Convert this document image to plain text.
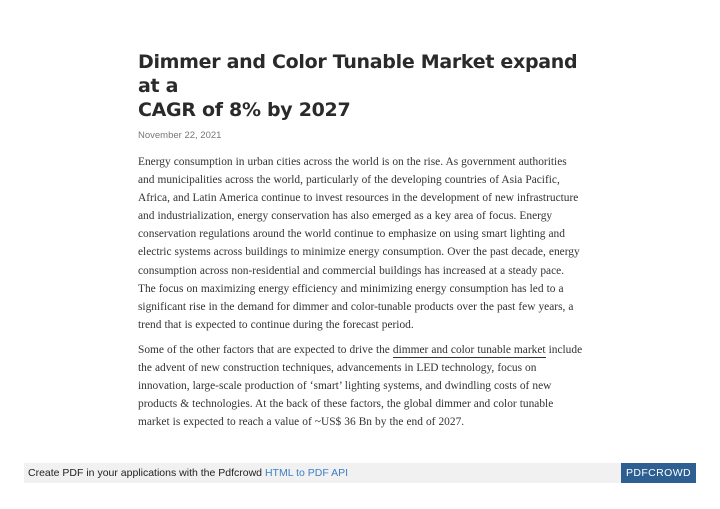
Dimmer and Color Tunable Market expand at a
CAGR of 8% by 2027
November 22, 2021

Energy consumption in urban cities across the world is on the rise. As government authorities and municipalities across the world, particularly of the developing countries of Asia Pacific, Africa, and Latin America continue to invest resources in the development of new infrastructure and industrialization, energy conservation has also emerged as a key area of focus. Energy conservation regulations around the world continue to emphasize on using smart lighting and electric systems across buildings to minimize energy consumption. Over the past decade, energy consumption across non-residential and commercial buildings has increased at a steady pace. The focus on maximizing energy efficiency and minimizing energy consumption has led to a significant rise in the demand for dimmer and color-tunable products over the past few years, a trend that is expected to continue during the forecast period.

Some of the other factors that are expected to drive the dimmer and color tunable market include the advent of new construction techniques, advancements in LED technology, focus on innovation, large-scale production of ‘smart’ lighting systems, and dwindling costs of new products & technologies. At the back of these factors, the global dimmer and color tunable market is expected to reach a value of ~US$ 36 Bn by the end of 2027.

Create PDF in your applications with the Pdfcrowd HTML to PDF API	PDFCROWD
